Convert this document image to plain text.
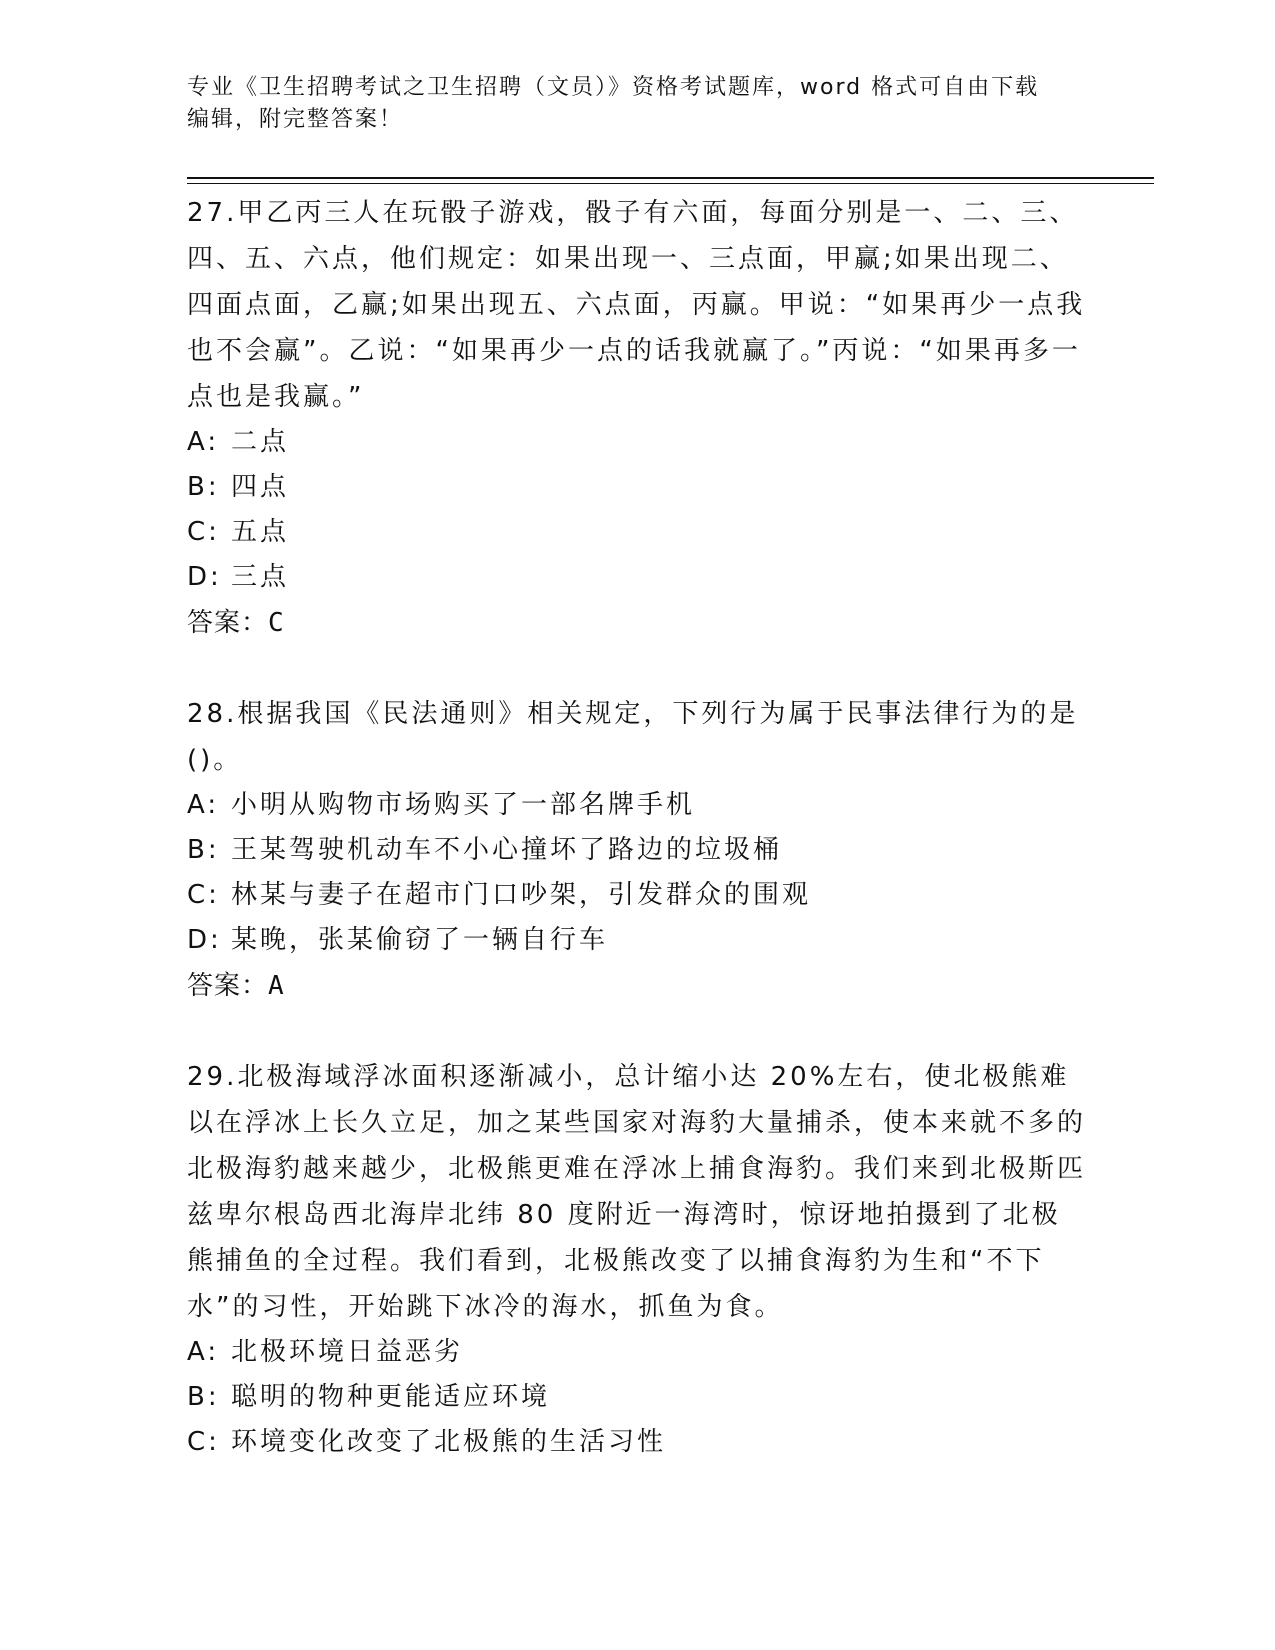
专业《卫生招聘考试之卫生招聘（文员）》资格考试题库，word 格式可自由下载
编辑，附完整答案！

27.甲乙丙三人在玩骰子游戏，骰子有六面，每面分别是一、二、三、四、五、六点，他们规定：如果出现一、三点面，甲赢;如果出现二、四面点面，乙赢;如果出现五、六点面，丙赢。甲说：“如果再少一点我也不会赢”。乙说：“如果再少一点的话我就赢了。”丙说：“如果再多一点也是我赢。”

A: 二点
B: 四点
C: 五点
D: 三点

答案：C

28.根据我国《民法通则》相关规定，下列行为属于民事法律行为的是()。

A: 小明从购物市场购买了一部名牌手机
B: 王某驾驶机动车不小心撞坏了路边的垃圾桶
C: 林某与妻子在超市门口吵架，引发群众的围观
D: 某晚，张某偷窃了一辆自行车

答案：A

29.北极海域浮冰面积逐渐减小，总计缩小达 20%左右，使北极熊难以在浮冰上长久立足，加之某些国家对海豹大量捕杀，使本来就不多的北极海豹越来越少，北极熊更难在浮冰上捕食海豹。我们来到北极斯匹兹卑尔根岛西北海岸北纬 80 度附近一海湾时，惊讶地拍摄到了北极熊捕鱼的全过程。我们看到，北极熊改变了以捕食海豹为生和“不下水”的习性，开始跳下冰冷的海水，抓鱼为食。

A: 北极环境日益恶劣
B: 聪明的物种更能适应环境
C: 环境变化改变了北极熊的生活习性
